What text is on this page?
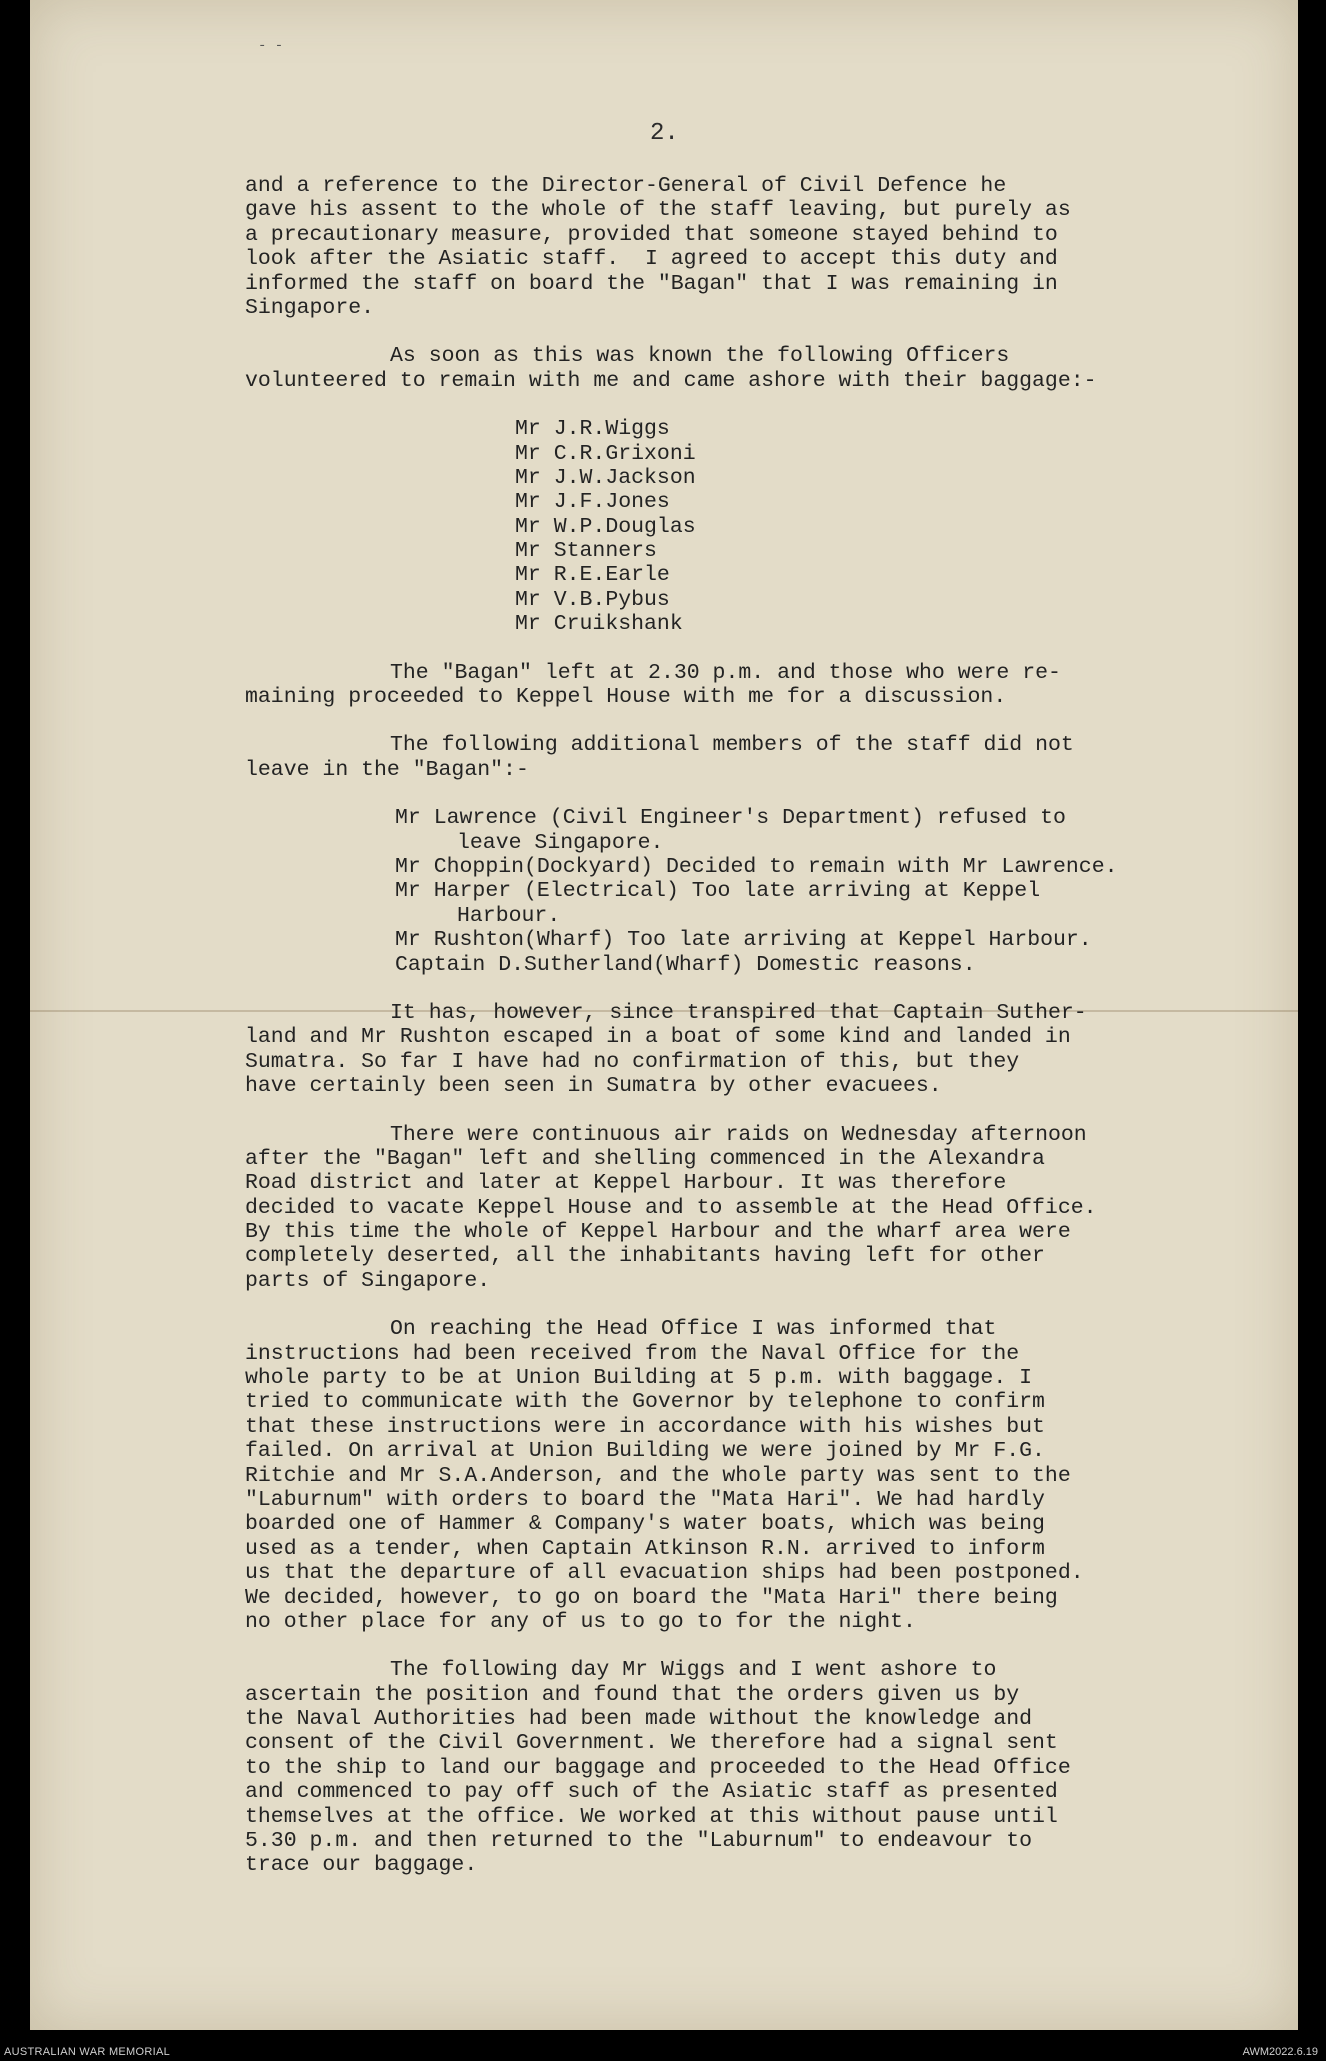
- -
2.
and a reference to the Director-General of Civil Defence he
gave his assent to the whole of the staff leaving, but purely as
a precautionary measure, provided that someone stayed behind to
look after the Asiatic staff.  I agreed to accept this duty and
informed the staff on board the "Bagan" that I was remaining in
Singapore.
As soon as this was known the following Officers
volunteered to remain with me and came ashore with their baggage:-
Mr J.R.Wiggs
Mr C.R.Grixoni
Mr J.W.Jackson
Mr J.F.Jones
Mr W.P.Douglas
Mr Stanners
Mr R.E.Earle
Mr V.B.Pybus
Mr Cruikshank
The "Bagan" left at 2.30 p.m. and those who were re-
maining proceeded to Keppel House with me for a discussion.
The following additional members of the staff did not
leave in the "Bagan":-
Mr Lawrence (Civil Engineer's Department) refused to
leave Singapore.
Mr Choppin(Dockyard) Decided to remain with Mr Lawrence.
Mr Harper (Electrical) Too late arriving at Keppel
Harbour.
Mr Rushton(Wharf) Too late arriving at Keppel Harbour.
Captain D.Sutherland(Wharf) Domestic reasons.
It has, however, since transpired that Captain Suther-
land and Mr Rushton escaped in a boat of some kind and landed in
Sumatra. So far I have had no confirmation of this, but they
have certainly been seen in Sumatra by other evacuees.
There were continuous air raids on Wednesday afternoon
after the "Bagan" left and shelling commenced in the Alexandra
Road district and later at Keppel Harbour. It was therefore
decided to vacate Keppel House and to assemble at the Head Office.
By this time the whole of Keppel Harbour and the wharf area were
completely deserted, all the inhabitants having left for other
parts of Singapore.
On reaching the Head Office I was informed that
instructions had been received from the Naval Office for the
whole party to be at Union Building at 5 p.m. with baggage. I
tried to communicate with the Governor by telephone to confirm
that these instructions were in accordance with his wishes but
failed. On arrival at Union Building we were joined by Mr F.G.
Ritchie and Mr S.A.Anderson, and the whole party was sent to the
"Laburnum" with orders to board the "Mata Hari". We had hardly
boarded one of Hammer & Company's water boats, which was being
used as a tender, when Captain Atkinson R.N. arrived to inform
us that the departure of all evacuation ships had been postponed.
We decided, however, to go on board the "Mata Hari" there being
no other place for any of us to go to for the night.
The following day Mr Wiggs and I went ashore to
ascertain the position and found that the orders given us by
the Naval Authorities had been made without the knowledge and
consent of the Civil Government. We therefore had a signal sent
to the ship to land our baggage and proceeded to the Head Office
and commenced to pay off such of the Asiatic staff as presented
themselves at the office. We worked at this without pause until
5.30 p.m. and then returned to the "Laburnum" to endeavour to
trace our baggage.
AUSTRALIAN WAR MEMORIAL	AWM2022.6.19
